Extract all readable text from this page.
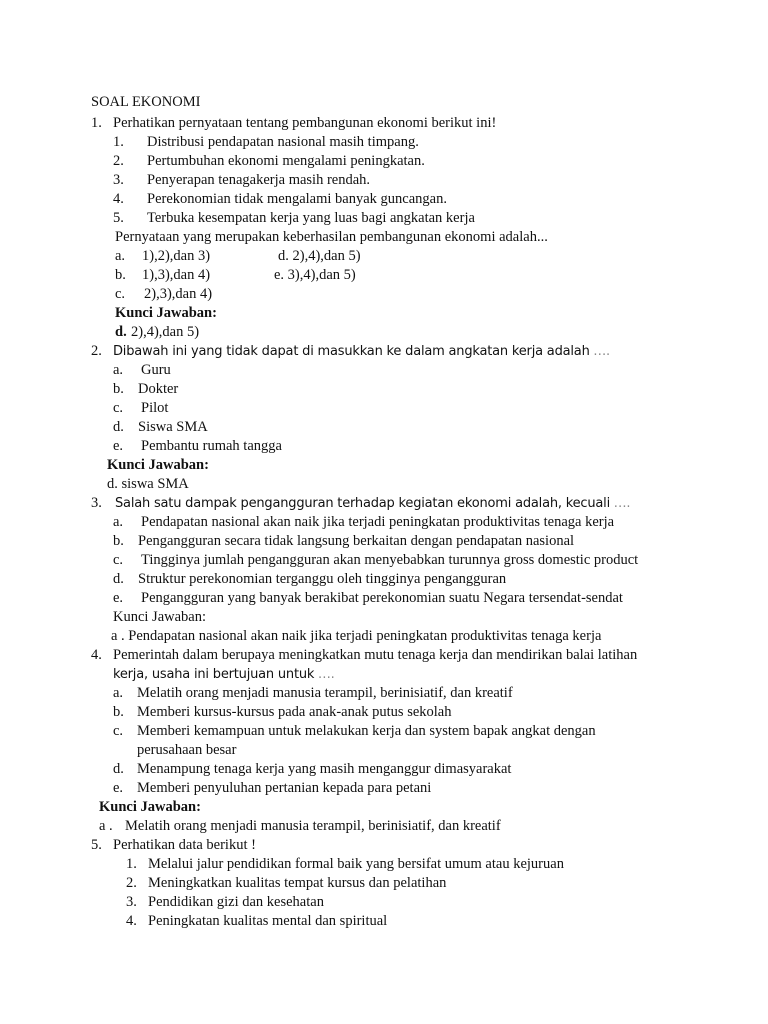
SOAL EKONOMI
1. Perhatikan pernyataan tentang pembangunan ekonomi berikut ini!
1. Distribusi pendapatan nasional masih timpang.
2. Pertumbuhan ekonomi mengalami peningkatan.
3. Penyerapan tenagakerja masih rendah.
4. Perekonomian tidak mengalami banyak guncangan.
5. Terbuka kesempatan kerja yang luas bagi angkatan kerja
Pernyataan yang merupakan keberhasilan pembangunan ekonomi adalah...
a. 1),2),dan 3)	d. 2),4),dan 5)
b. 1),3),dan 4)	e. 3),4),dan 5)
c. 2),3),dan 4)
Kunci Jawaban:
d. 2),4),dan 5)
2. Dibawah ini yang tidak dapat di masukkan ke dalam angkatan kerja adalah ….
a. Guru
b. Dokter
c. Pilot
d. Siswa SMA
e. Pembantu rumah tangga
Kunci Jawaban:
d. siswa SMA
3. Salah satu dampak pengangguran terhadap kegiatan ekonomi adalah, kecuali ….
a. Pendapatan nasional akan naik jika terjadi peningkatan produktivitas tenaga kerja
b. Pengangguran secara tidak langsung berkaitan dengan pendapatan nasional
c. Tingginya jumlah pengangguran akan menyebabkan turunnya gross domestic product
d. Struktur perekonomian terganggu oleh tingginya pengangguran
e. Pengangguran yang banyak berakibat perekonomian suatu Negara tersendat-sendat
Kunci Jawaban:
a . Pendapatan nasional akan naik jika terjadi peningkatan produktivitas tenaga kerja
4. Pemerintah dalam berupaya meningkatkan mutu tenaga kerja dan mendirikan balai latihan
kerja, usaha ini bertujuan untuk ….
a. Melatih orang menjadi manusia terampil, berinisiatif, dan kreatif
b. Memberi kursus-kursus pada anak-anak putus sekolah
c. Memberi kemampuan untuk melakukan kerja dan system bapak angkat dengan
perusahaan besar
d. Menampung tenaga kerja yang masih menganggur dimasyarakat
e. Memberi penyuluhan pertanian kepada para petani
Kunci Jawaban:
a . Melatih orang menjadi manusia terampil, berinisiatif, dan kreatif
5. Perhatikan data berikut !
1. Melalui jalur pendidikan formal baik yang bersifat umum atau kejuruan
2. Meningkatkan kualitas tempat kursus dan pelatihan
3. Pendidikan gizi dan kesehatan
4. Peningkatan kualitas mental dan spiritual
